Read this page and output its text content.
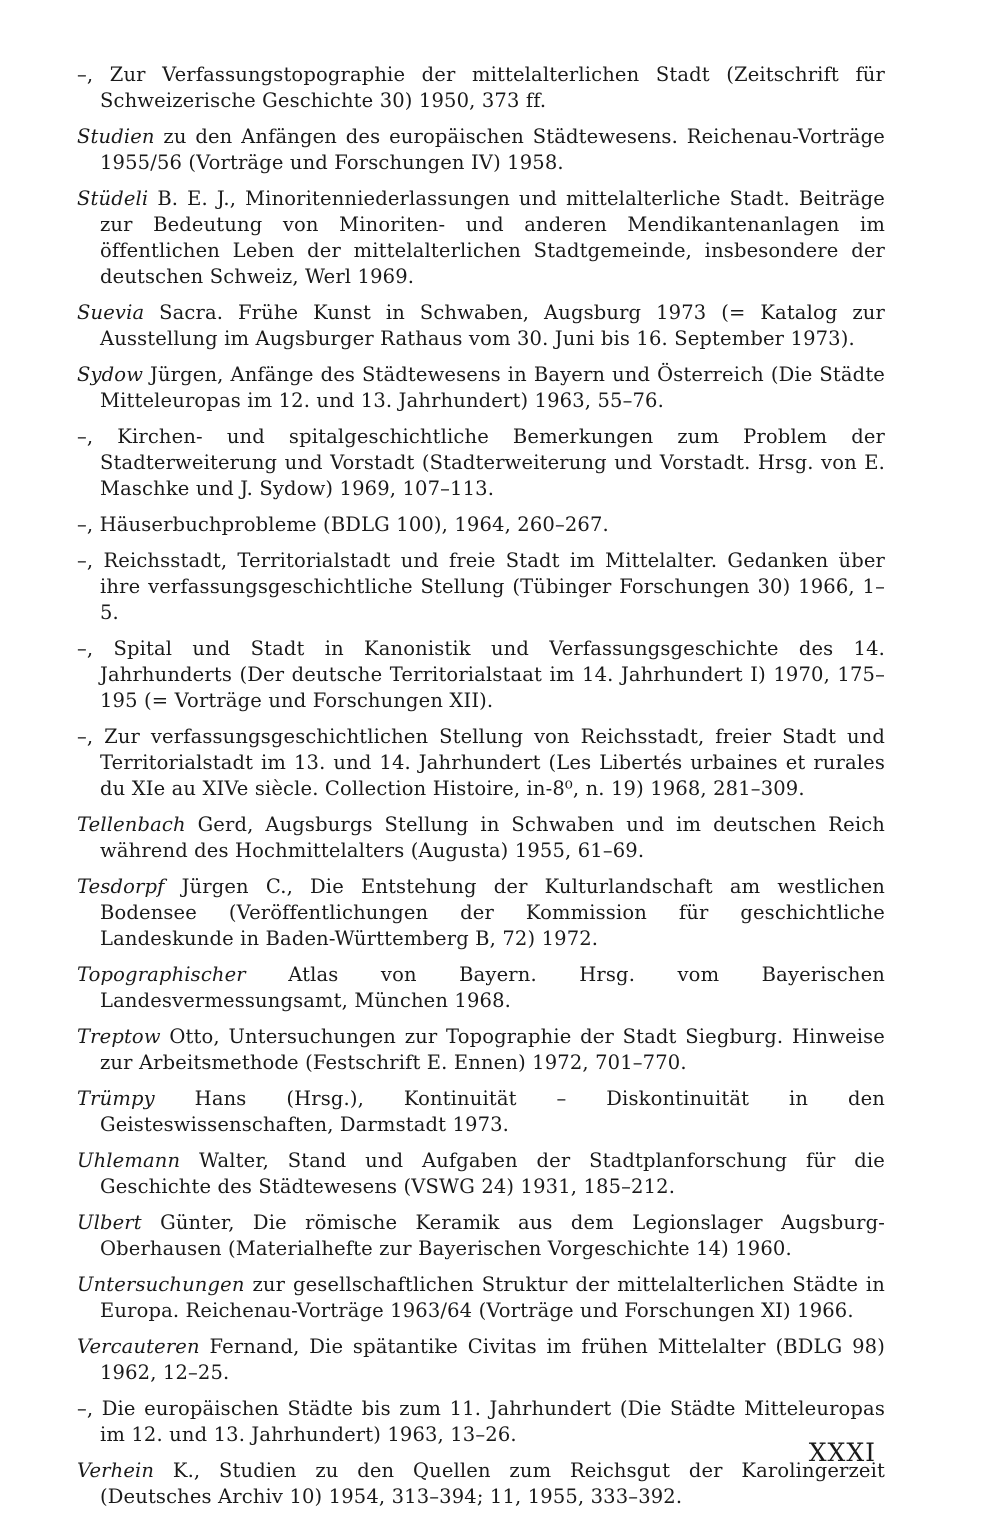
–, Zur Verfassungstopographie der mittelalterlichen Stadt (Zeitschrift für Schweizerische Geschichte 30) 1950, 373 ff.

Studien zu den Anfängen des europäischen Städtewesens. Reichenau-Vorträge 1955/56 (Vorträge und Forschungen IV) 1958.

Stüdeli B. E. J., Minoritenniederlassungen und mittelalterliche Stadt. Beiträge zur Bedeutung von Minoriten- und anderen Mendikantenanlagen im öffentlichen Leben der mittelalterlichen Stadtgemeinde, insbesondere der deutschen Schweiz, Werl 1969.

Suevia Sacra. Frühe Kunst in Schwaben, Augsburg 1973 (= Katalog zur Ausstellung im Augsburger Rathaus vom 30. Juni bis 16. September 1973).

Sydow Jürgen, Anfänge des Städtewesens in Bayern und Österreich (Die Städte Mitteleuropas im 12. und 13. Jahrhundert) 1963, 55–76.

–, Kirchen- und spitalgeschichtliche Bemerkungen zum Problem der Stadterweiterung und Vorstadt (Stadterweiterung und Vorstadt. Hrsg. von E. Maschke und J. Sydow) 1969, 107–113.

–, Häuserbuchprobleme (BDLG 100), 1964, 260–267.

–, Reichsstadt, Territorialstadt und freie Stadt im Mittelalter. Gedanken über ihre verfassungsgeschichtliche Stellung (Tübinger Forschungen 30) 1966, 1–5.

–, Spital und Stadt in Kanonistik und Verfassungsgeschichte des 14. Jahrhunderts (Der deutsche Territorialstaat im 14. Jahrhundert I) 1970, 175–195 (= Vorträge und Forschungen XII).

–, Zur verfassungsgeschichtlichen Stellung von Reichsstadt, freier Stadt und Territorialstadt im 13. und 14. Jahrhundert (Les Libertés urbaines et rurales du XIe au XIVe siècle. Collection Histoire, in-8⁰, n. 19) 1968, 281–309.

Tellenbach Gerd, Augsburgs Stellung in Schwaben und im deutschen Reich während des Hochmittelalters (Augusta) 1955, 61–69.

Tesdorpf Jürgen C., Die Entstehung der Kulturlandschaft am westlichen Bodensee (Veröffentlichungen der Kommission für geschichtliche Landeskunde in Baden-Württemberg B, 72) 1972.

Topographischer Atlas von Bayern. Hrsg. vom Bayerischen Landesvermessungsamt, München 1968.

Treptow Otto, Untersuchungen zur Topographie der Stadt Siegburg. Hinweise zur Arbeitsmethode (Festschrift E. Ennen) 1972, 701–770.

Trümpy Hans (Hrsg.), Kontinuität – Diskontinuität in den Geisteswissenschaften, Darmstadt 1973.

Uhlemann Walter, Stand und Aufgaben der Stadtplanforschung für die Geschichte des Städtewesens (VSWG 24) 1931, 185–212.

Ulbert Günter, Die römische Keramik aus dem Legionslager Augsburg-Oberhausen (Materialhefte zur Bayerischen Vorgeschichte 14) 1960.

Untersuchungen zur gesellschaftlichen Struktur der mittelalterlichen Städte in Europa. Reichenau-Vorträge 1963/64 (Vorträge und Forschungen XI) 1966.

Vercauteren Fernand, Die spätantike Civitas im frühen Mittelalter (BDLG 98) 1962, 12–25.

–, Die europäischen Städte bis zum 11. Jahrhundert (Die Städte Mitteleuropas im 12. und 13. Jahrhundert) 1963, 13–26.

Verhein K., Studien zu den Quellen zum Reichsgut der Karolingerzeit (Deutsches Archiv 10) 1954, 313–394; 11, 1955, 333–392.

XXXI
